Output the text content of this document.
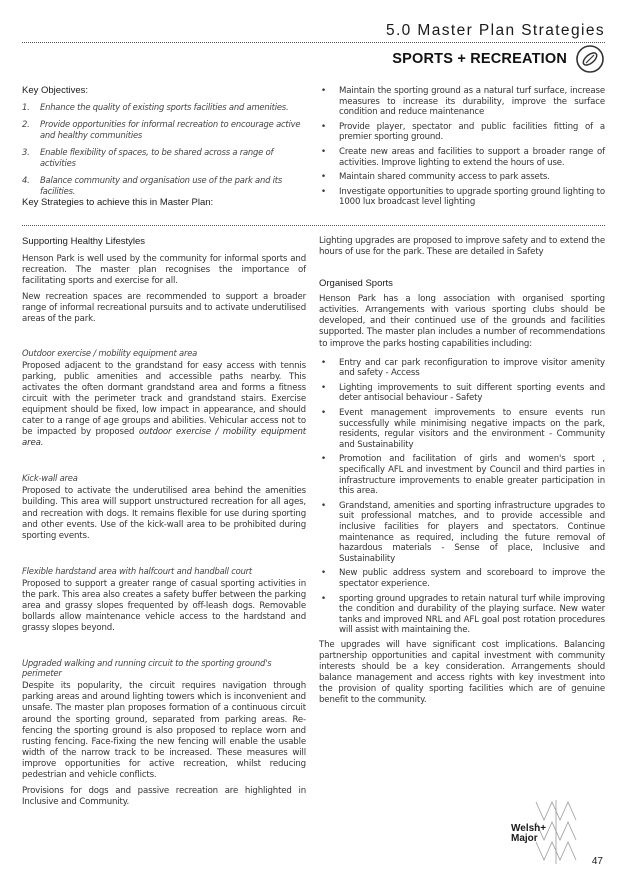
5.0 Master Plan Strategies
SPORTS + RECREATION

Key Objectives:

1. Enhance the quality of existing sports facilities and amenities.
2. Provide opportunities for informal recreation to encourage active and healthy communities
3. Enable flexibility of spaces, to be shared across a range of activities
4. Balance community and organisation use of the park and its facilities.

Key Strategies to achieve this in Master Plan:

• Maintain the sporting ground as a natural turf surface, increase measures to increase its durability, improve the surface condition and reduce maintenance
• Provide player, spectator and public facilities fitting of a premier sporting ground.
• Create new areas and facilities to support a broader range of activities. Improve lighting to extend the hours of use.
• Maintain shared community access to park assets.
• Investigate opportunities to upgrade sporting ground lighting to 1000 lux broadcast level lighting

Supporting Healthy Lifestyles

Henson Park is well used by the community for informal sports and recreation. The master plan recognises the importance of facilitating sports and exercise for all.

New recreation spaces are recommended to support a broader range of informal recreational pursuits and to activate underutilised areas of the park.

Outdoor exercise / mobility equipment area

Proposed adjacent to the grandstand for easy access with tennis parking, public amenities and accessible paths nearby. This activates the often dormant grandstand area and forms a fitness circuit with the perimeter track and grandstand stairs. Exercise equipment should be fixed, low impact in appearance, and should cater to a range of age groups and abilities. Vehicular access not to be impacted by proposed outdoor exercise / mobility equipment area.

Kick-wall area

Proposed to activate the underutilised area behind the amenities building. This area will support unstructured recreation for all ages, and recreation with dogs. It remains flexible for use during sporting and other events. Use of the kick-wall area to be prohibited during sporting events.

Flexible hardstand area with halfcourt and handball court

Proposed to support a greater range of casual sporting activities in the park. This area also creates a safety buffer between the parking area and grassy slopes frequented by off-leash dogs. Removable bollards allow maintenance vehicle access to the hardstand and grassy slopes beyond.

Upgraded walking and running circuit to the sporting ground's perimeter

Despite its popularity, the circuit requires navigation through parking areas and around lighting towers which is inconvenient and unsafe. The master plan proposes formation of a continuous circuit around the sporting ground, separated from parking areas. Re-fencing the sporting ground is also proposed to replace worn and rusting fencing. Face-fixing the new fencing will enable the usable width of the narrow track to be increased. These measures will improve opportunities for active recreation, whilst reducing pedestrian and vehicle conflicts.

Provisions for dogs and passive recreation are highlighted in Inclusive and Community.

Lighting upgrades are proposed to improve safety and to extend the hours of use for the park. These are detailed in Safety

Organised Sports

Henson Park has a long association with organised sporting activities. Arrangements with various sporting clubs should be developed, and their continued use of the grounds and facilities supported. The master plan includes a number of recommendations to improve the parks hosting capabilities including:

• Entry and car park reconfiguration to improve visitor amenity and safety - Access
• Lighting improvements to suit different sporting events and deter antisocial behaviour - Safety
• Event management improvements to ensure events run successfully while minimising negative impacts on the park, residents, regular visitors and the environment - Community and Sustainability
• Promotion and facilitation of girls and women's sport , specifically AFL and investment by Council and third parties in infrastructure improvements to enable greater participation in this area.
• Grandstand, amenities and sporting infrastructure upgrades to suit professional matches, and to provide accessible and inclusive facilities for players and spectators. Continue maintenance as required, including the future removal of hazardous materials - Sense of place, Inclusive and Sustainability
• New public address system and scoreboard to improve the spectator experience.
• sporting ground upgrades to retain natural turf while improving the condition and durability of the playing surface. New water tanks and improved NRL and AFL goal post rotation procedures will assist with maintaining the.

The upgrades will have significant cost implications. Balancing partnership opportunities and capital investment with community interests should be a key consideration. Arrangements should balance management and access rights with key investment into the provision of quality sporting facilities which are of genuine benefit to the community.

Welsh+
Major
47
